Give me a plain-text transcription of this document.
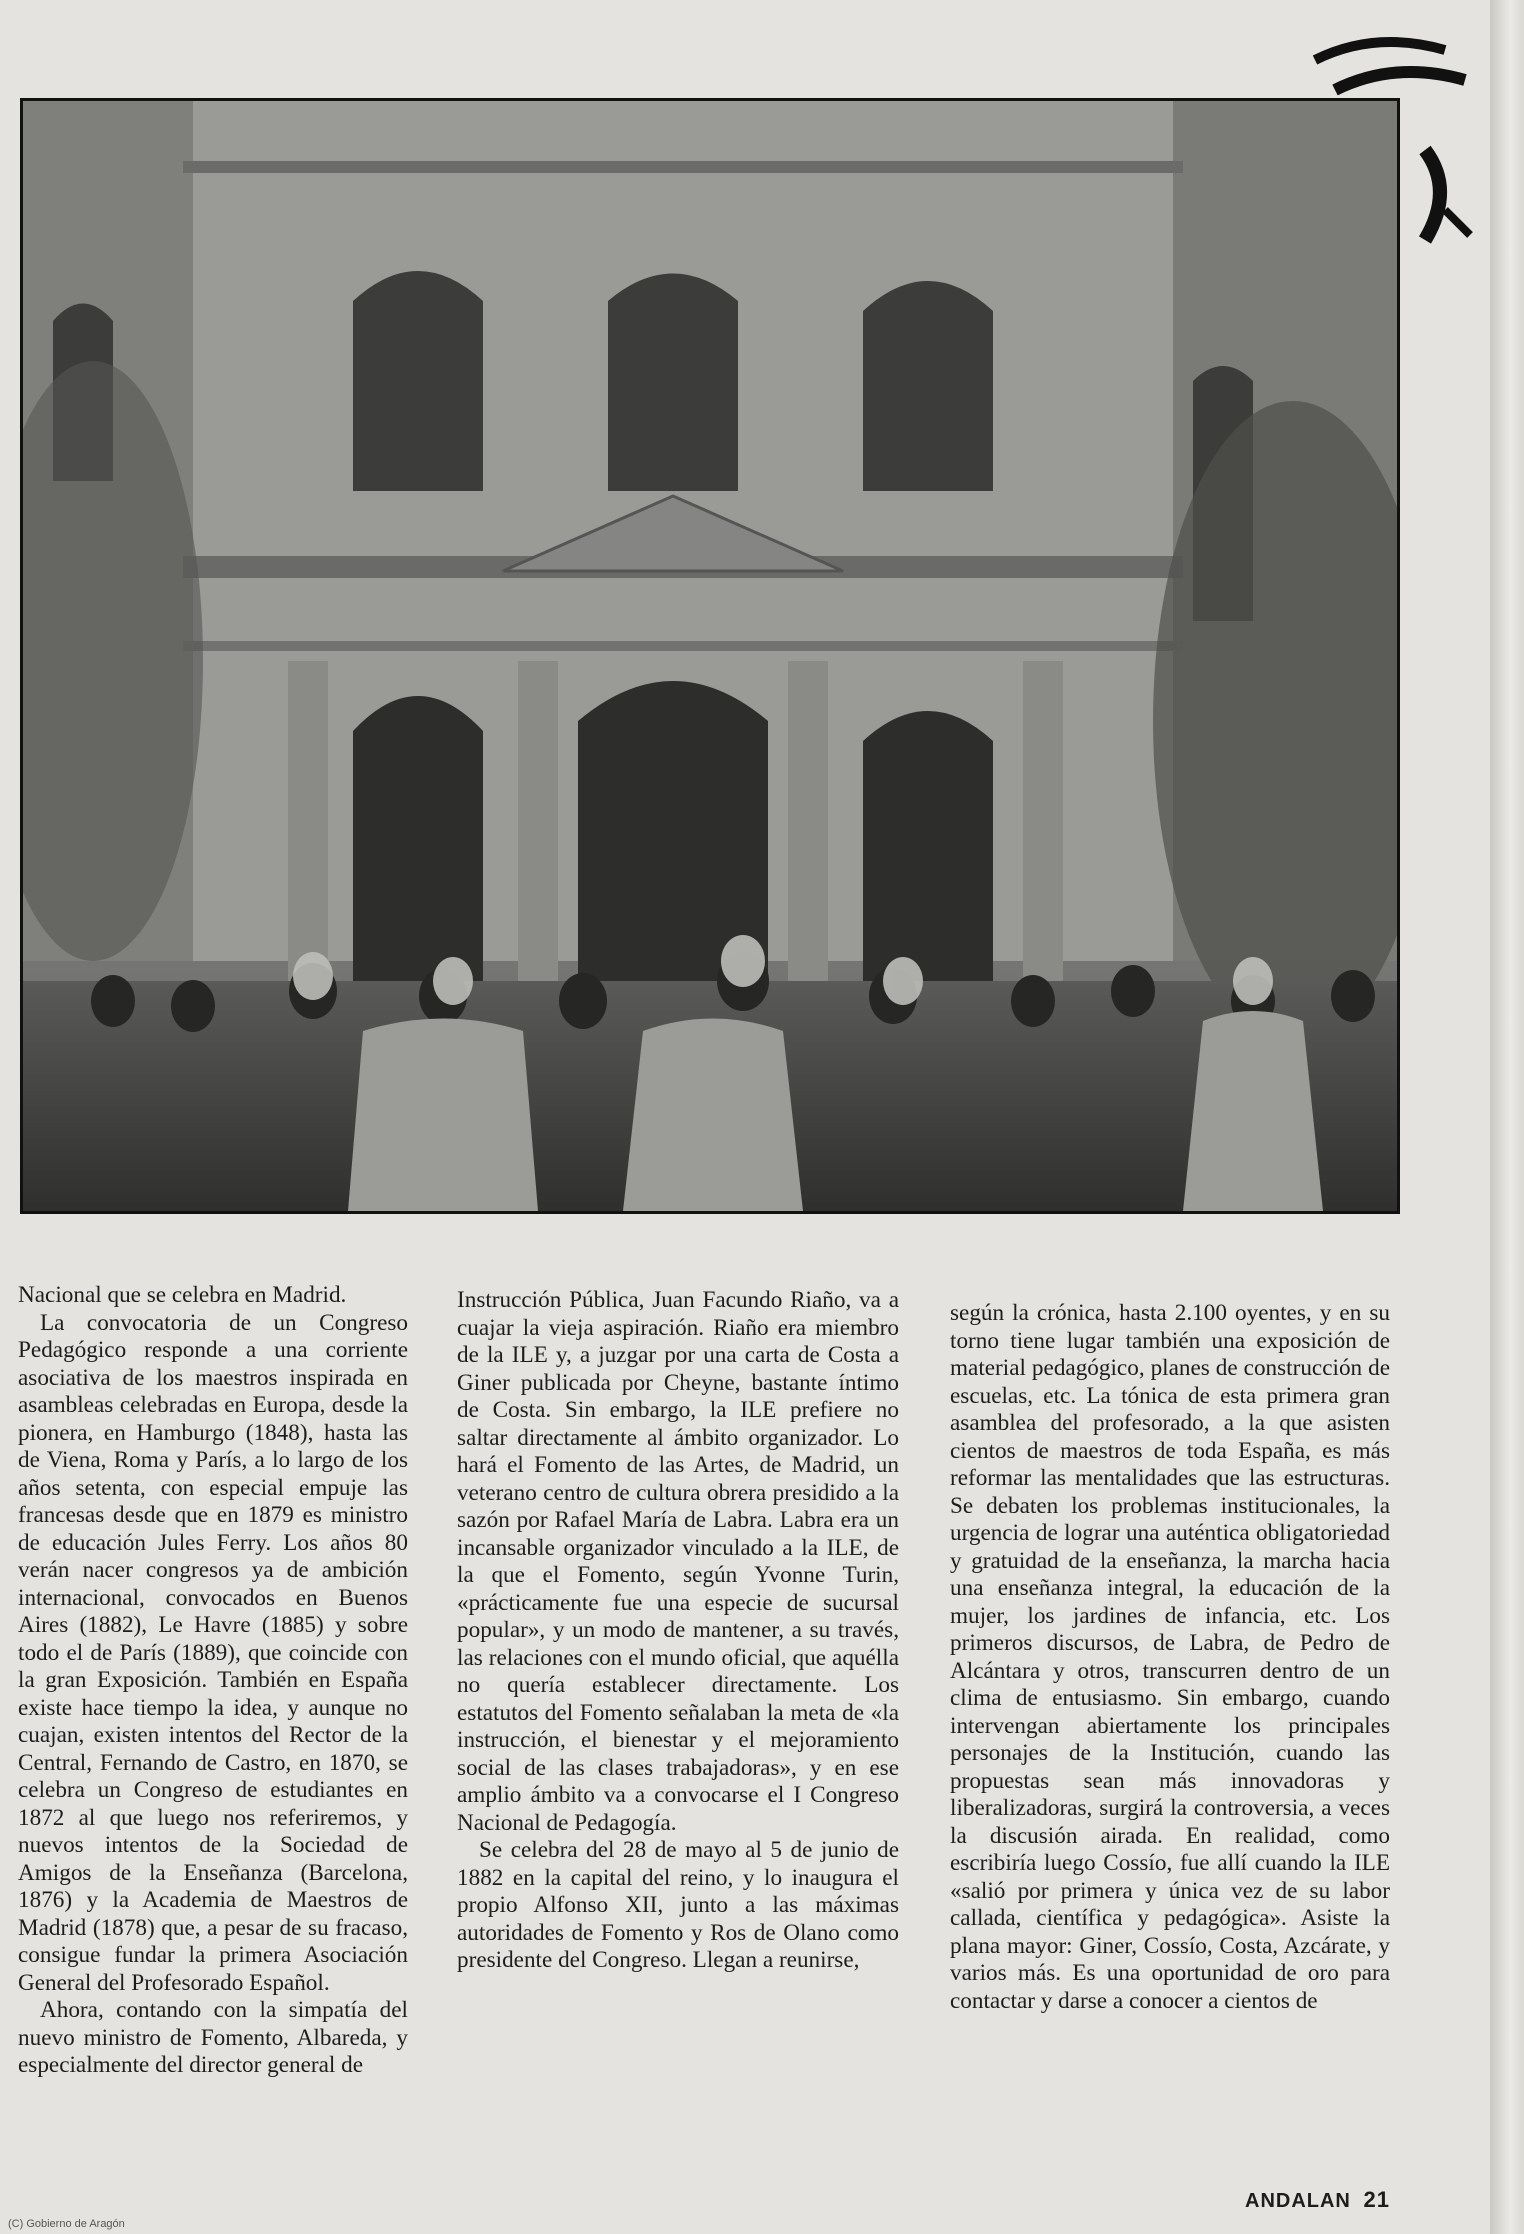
Nacional que se celebra en Madrid.

La convocatoria de un Congreso Pedagógico responde a una corriente asociativa de los maestros inspirada en asambleas celebradas en Europa, desde la pionera, en Hamburgo (1848), hasta las de Viena, Roma y París, a lo largo de los años setenta, con especial empuje las francesas desde que en 1879 es ministro de educación Jules Ferry. Los años 80 verán nacer congresos ya de ambición internacional, convocados en Buenos Aires (1882), Le Havre (1885) y sobre todo el de París (1889), que coincide con la gran Exposición. También en España existe hace tiempo la idea, y aunque no cuajan, existen intentos del Rector de la Central, Fernando de Castro, en 1870, se celebra un Congreso de estudiantes en 1872 al que luego nos referiremos, y nuevos intentos de la Sociedad de Amigos de la Enseñanza (Barcelona, 1876) y la Academia de Maestros de Madrid (1878) que, a pesar de su fracaso, consigue fundar la primera Asociación General del Profesorado Español.

Ahora, contando con la simpatía del nuevo ministro de Fomento, Albareda, y especialmente del director general de

Instrucción Pública, Juan Facundo Riaño, va a cuajar la vieja aspiración. Riaño era miembro de la ILE y, a juzgar por una carta de Costa a Giner publicada por Cheyne, bastante íntimo de Costa. Sin embargo, la ILE prefiere no saltar directamente al ámbito organizador. Lo hará el Fomento de las Artes, de Madrid, un veterano centro de cultura obrera presidido a la sazón por Rafael María de Labra. Labra era un incansable organizador vinculado a la ILE, de la que el Fomento, según Yvonne Turin, «prácticamente fue una especie de sucursal popular», y un modo de mantener, a su través, las relaciones con el mundo oficial, que aquélla no quería establecer directamente. Los estatutos del Fomento señalaban la meta de «la instrucción, el bienestar y el mejoramiento social de las clases trabajadoras», y en ese amplio ámbito va a convocarse el I Congreso Nacional de Pedagogía.

Se celebra del 28 de mayo al 5 de junio de 1882 en la capital del reino, y lo inaugura el propio Alfonso XII, junto a las máximas autoridades de Fomento y Ros de Olano como presidente del Congreso. Llegan a reunirse,

según la crónica, hasta 2.100 oyentes, y en su torno tiene lugar también una exposición de material pedagógico, planes de construcción de escuelas, etc. La tónica de esta primera gran asamblea del profesorado, a la que asisten cientos de maestros de toda España, es más reformar las mentalidades que las estructuras. Se debaten los problemas institucionales, la urgencia de lograr una auténtica obligatoriedad y gratuidad de la enseñanza, la marcha hacia una enseñanza integral, la educación de la mujer, los jardines de infancia, etc. Los primeros discursos, de Labra, de Pedro de Alcántara y otros, transcurren dentro de un clima de entusiasmo. Sin embargo, cuando intervengan abiertamente los principales personajes de la Institución, cuando las propuestas sean más innovadoras y liberalizadoras, surgirá la controversia, a veces la discusión airada. En realidad, como escribiría luego Cossío, fue allí cuando la ILE «salió por primera y única vez de su labor callada, científica y pedagógica». Asiste la plana mayor: Giner, Cossío, Costa, Azcárate, y varios más. Es una oportunidad de oro para contactar y darse a conocer a cientos de

ANDALAN 21
(C) Gobierno de Aragón
